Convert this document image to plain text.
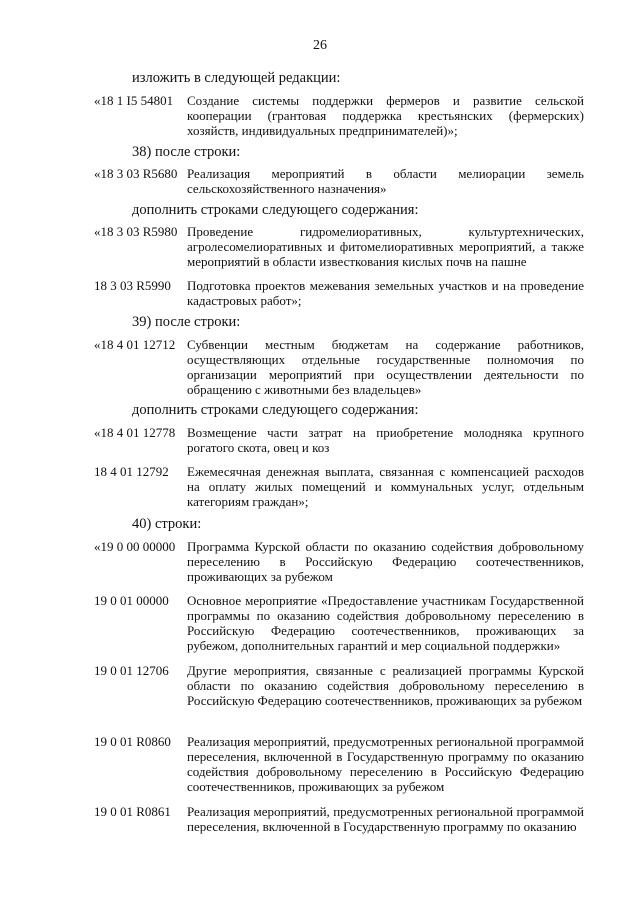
26
изложить в следующей редакции:
«18 1 I5 54801 Создание системы поддержки фермеров и развитие сельской кооперации (грантовая поддержка крестьянских (фермерских) хозяйств, индивидуальных предпринимателей)»;
38) после строки:
«18 3 03 R5680 Реализация мероприятий в области мелиорации земель сельскохозяйственного назначения»
дополнить строками следующего содержания:
«18 3 03 R5980 Проведение гидромелиоративных, культуртехнических, агролесомелиоративных и фитомелиоративных мероприятий, а также мероприятий в области известкования кислых почв на пашне
18 3 03 R5990 Подготовка проектов межевания земельных участков и на проведение кадастровых работ»;
39) после строки:
«18 4 01 12712 Субвенции местным бюджетам на содержание работников, осуществляющих отдельные государственные полномочия по организации мероприятий при осуществлении деятельности по обращению с животными без владельцев»
дополнить строками следующего содержания:
«18 4 01 12778 Возмещение части затрат на приобретение молодняка крупного рогатого скота, овец и коз
18 4 01 12792 Ежемесячная денежная выплата, связанная с компенсацией расходов на оплату жилых помещений и коммунальных услуг, отдельным категориям граждан»;
40) строки:
«19 0 00 00000 Программа Курской области по оказанию содействия добровольному переселению в Российскую Федерацию соотечественников, проживающих за рубежом
19 0 01 00000 Основное мероприятие «Предоставление участникам Государственной программы по оказанию содействия добровольному переселению в Российскую Федерацию соотечественников, проживающих за рубежом, дополнительных гарантий и мер социальной поддержки»
19 0 01 12706 Другие мероприятия, связанные с реализацией программы Курской области по оказанию содействия добровольному переселению в Российскую Федерацию соотечественников, проживающих за рубежом
19 0 01 R0860 Реализация мероприятий, предусмотренных региональной программой переселения, включенной в Государственную программу по оказанию содействия добровольному переселению в Российскую Федерацию соотечественников, проживающих за рубежом
19 0 01 R0861 Реализация мероприятий, предусмотренных региональной программой переселения, включенной в Государственную программу по оказанию
